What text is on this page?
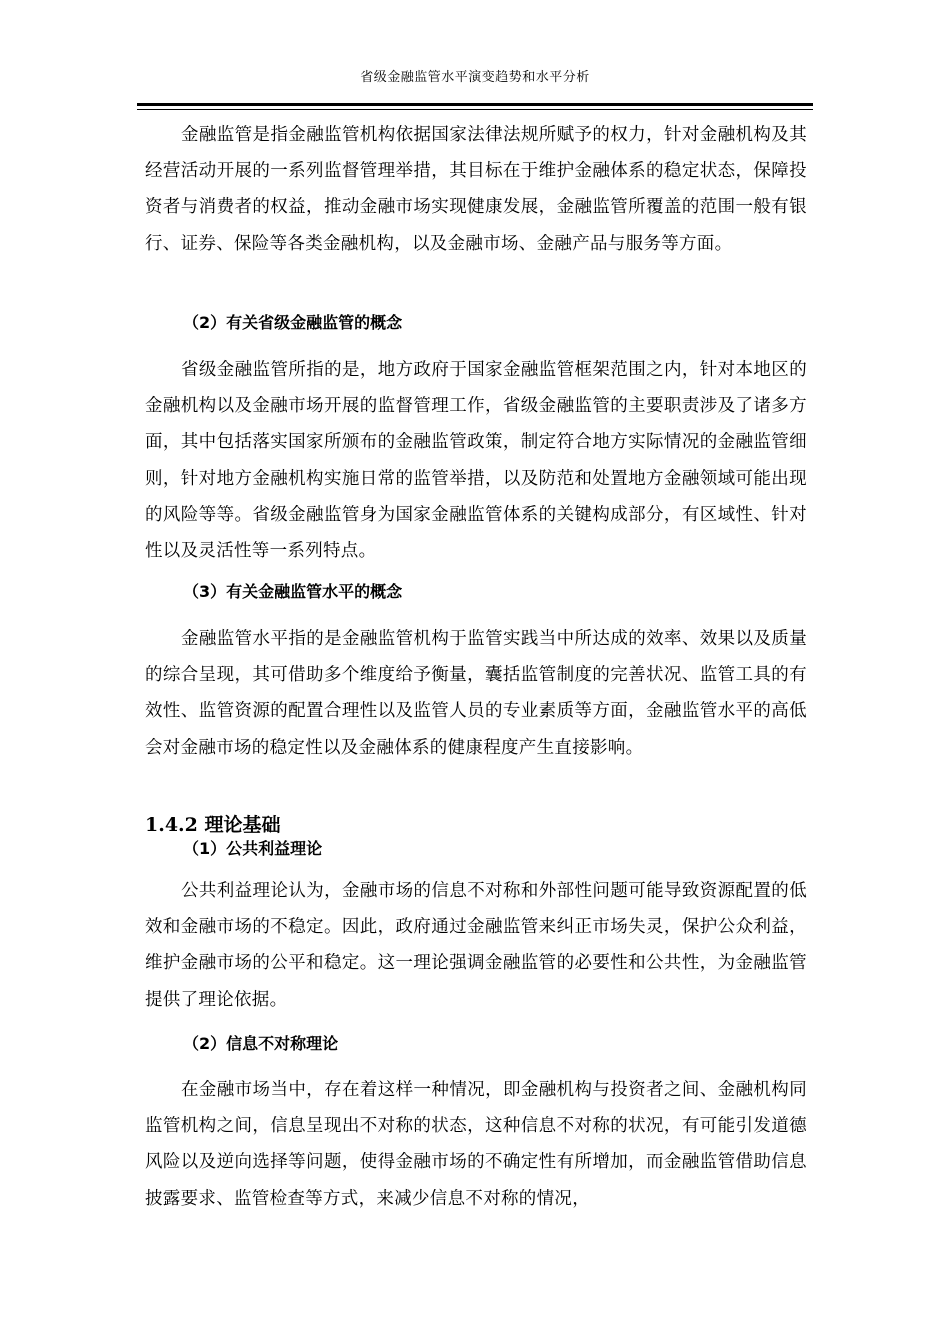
省级金融监管水平演变趋势和水平分析

金融监管是指金融监管机构依据国家法律法规所赋予的权力，针对金融机构及其经营活动开展的一系列监督管理举措，其目标在于维护金融体系的稳定状态，保障投资者与消费者的权益，推动金融市场实现健康发展，金融监管所覆盖的范围一般有银行、证券、保险等各类金融机构，以及金融市场、金融产品与服务等方面。

（2）有关省级金融监管的概念

省级金融监管所指的是，地方政府于国家金融监管框架范围之内，针对本地区的金融机构以及金融市场开展的监督管理工作，省级金融监管的主要职责涉及了诸多方面，其中包括落实国家所颁布的金融监管政策，制定符合地方实际情况的金融监管细则，针对地方金融机构实施日常的监管举措，以及防范和处置地方金融领域可能出现的风险等等。省级金融监管身为国家金融监管体系的关键构成部分，有区域性、针对性以及灵活性等一系列特点。

（3）有关金融监管水平的概念

金融监管水平指的是金融监管机构于监管实践当中所达成的效率、效果以及质量的综合呈现，其可借助多个维度给予衡量，囊括监管制度的完善状况、监管工具的有效性、监管资源的配置合理性以及监管人员的专业素质等方面，金融监管水平的高低会对金融市场的稳定性以及金融体系的健康程度产生直接影响。

1.4.2 理论基础

（1）公共利益理论

公共利益理论认为，金融市场的信息不对称和外部性问题可能导致资源配置的低效和金融市场的不稳定。因此，政府通过金融监管来纠正市场失灵，保护公众利益，维护金融市场的公平和稳定。这一理论强调金融监管的必要性和公共性，为金融监管提供了理论依据。

（2）信息不对称理论

在金融市场当中，存在着这样一种情况，即金融机构与投资者之间、金融机构同监管机构之间，信息呈现出不对称的状态，这种信息不对称的状况，有可能引发道德风险以及逆向选择等问题，使得金融市场的不确定性有所增加，而金融监管借助信息披露要求、监管检查等方式，来减少信息不对称的情况，
